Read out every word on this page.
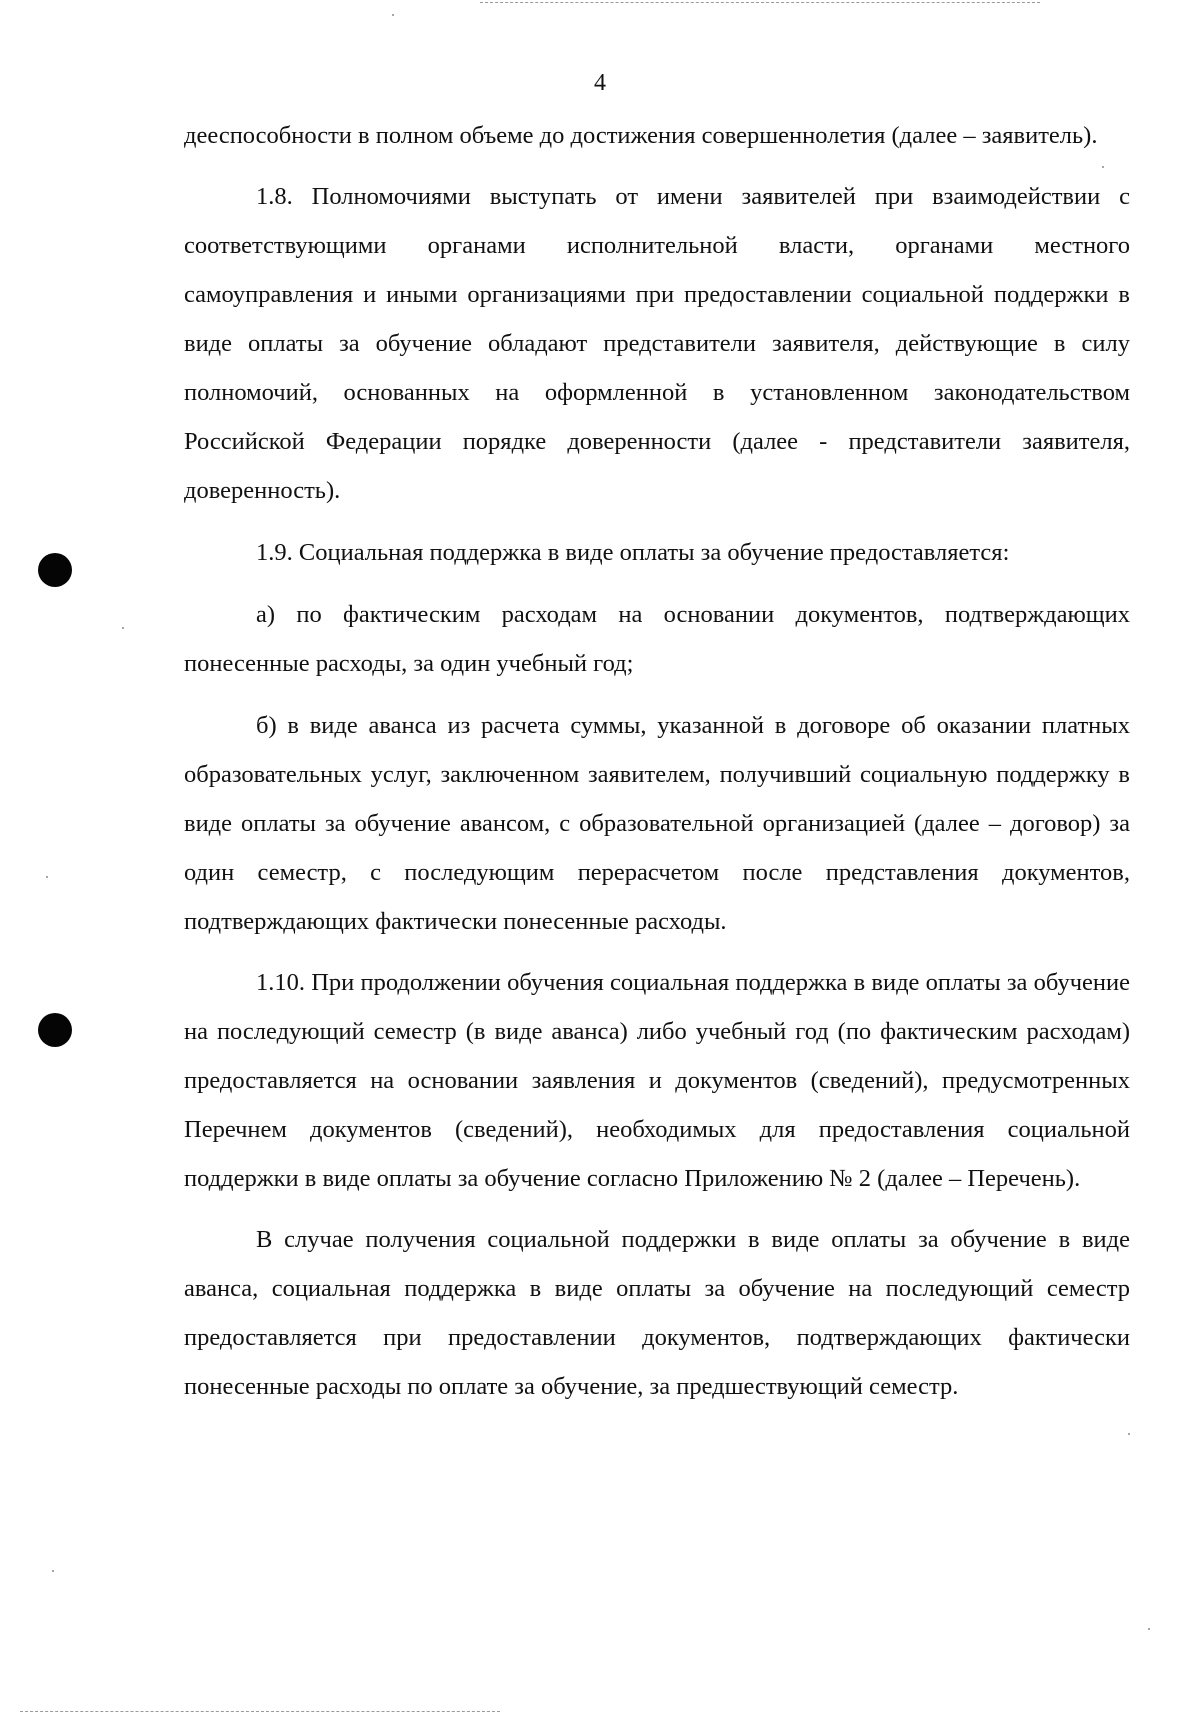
4

дееспособности в полном объеме до достижения совершеннолетия (далее – заявитель).

1.8. Полномочиями выступать от имени заявителей при взаимодействии с соответствующими органами исполнительной власти, органами местного самоуправления и иными организациями при предоставлении социальной поддержки в виде оплаты за обучение обладают представители заявителя, действующие в силу полномочий, основанных на оформленной в установленном законодательством Российской Федерации порядке доверенности (далее - представители заявителя, доверенность).

1.9. Социальная поддержка в виде оплаты за обучение предоставляется:

а) по фактическим расходам на основании документов, подтверждающих понесенные расходы, за один учебный год;

б) в виде аванса из расчета суммы, указанной в договоре об оказании платных образовательных услуг, заключенном заявителем, получивший социальную поддержку в виде оплаты за обучение авансом, с образовательной организацией (далее – договор) за один семестр, с последующим перерасчетом после представления документов, подтверждающих фактически понесенные расходы.

1.10. При продолжении обучения социальная поддержка в виде оплаты за обучение на последующий семестр (в виде аванса) либо учебный год (по фактическим расходам) предоставляется на основании заявления и документов (сведений), предусмотренных Перечнем документов (сведений), необходимых для предоставления социальной поддержки в виде оплаты за обучение согласно Приложению № 2 (далее – Перечень).

В случае получения социальной поддержки в виде оплаты за обучение в виде аванса, социальная поддержка в виде оплаты за обучение на последующий семестр предоставляется при предоставлении документов, подтверждающих фактически понесенные расходы по оплате за обучение, за предшествующий семестр.
